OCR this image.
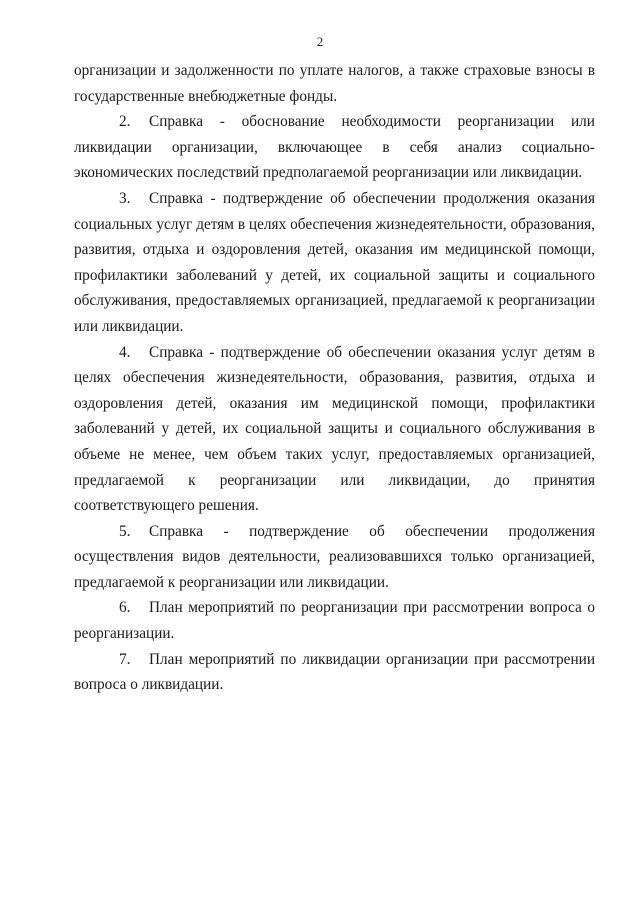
2

организации и задолженности по уплате налогов, а также страховые взносы в государственные внебюджетные фонды.

2. Справка - обоснование необходимости реорганизации или ликвидации организации, включающее в себя анализ социально-экономических последствий предполагаемой реорганизации или ликвидации.

3. Справка - подтверждение об обеспечении продолжения оказания социальных услуг детям в целях обеспечения жизнедеятельности, образования, развития, отдыха и оздоровления детей, оказания им медицинской помощи, профилактики заболеваний у детей, их социальной защиты и социального обслуживания, предоставляемых организацией, предлагаемой к реорганизации или ликвидации.

4. Справка - подтверждение об обеспечении оказания услуг детям в целях обеспечения жизнедеятельности, образования, развития, отдыха и оздоровления детей, оказания им медицинской помощи, профилактики заболеваний у детей, их социальной защиты и социального обслуживания в объеме не менее, чем объем таких услуг, предоставляемых организацией, предлагаемой к реорганизации или ликвидации, до принятия соответствующего решения.

5. Справка - подтверждение об обеспечении продолжения осуществления видов деятельности, реализовавшихся только организацией, предлагаемой к реорганизации или ликвидации.

6. План мероприятий по реорганизации при рассмотрении вопроса о реорганизации.

7. План мероприятий по ликвидации организации при рассмотрении вопроса о ликвидации.
